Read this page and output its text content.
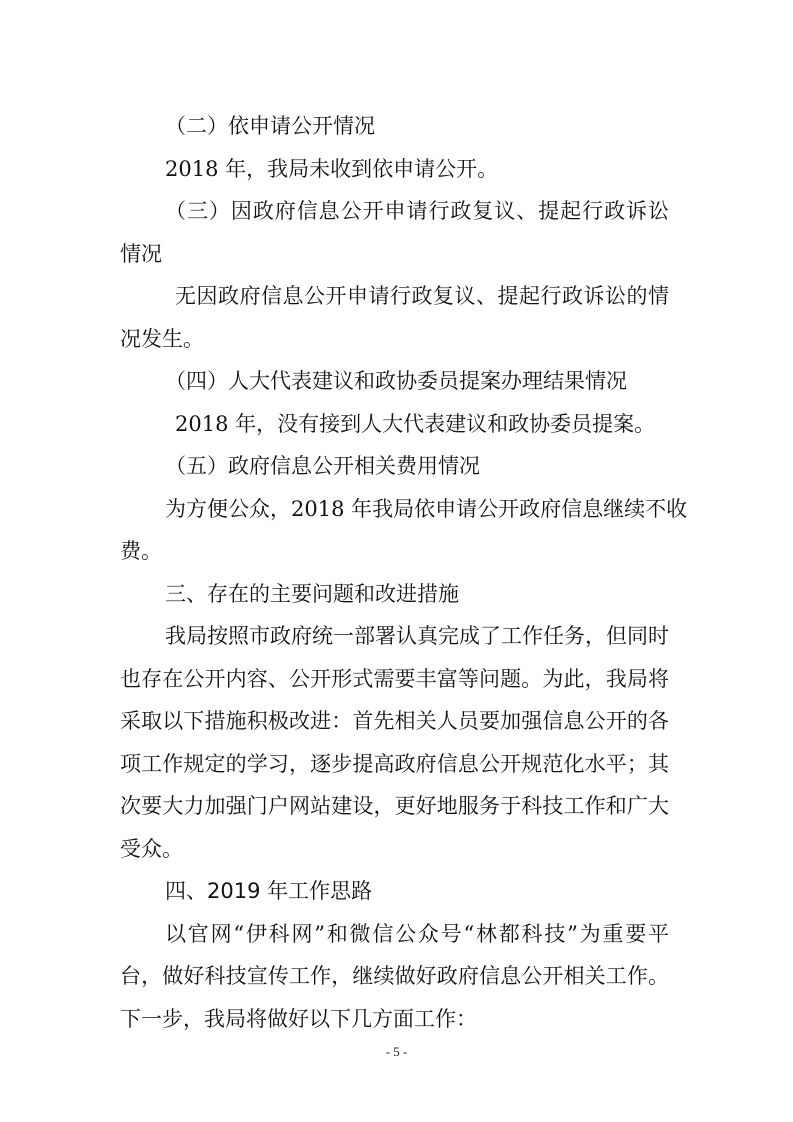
（二）依申请公开情况

2018 年，我局未收到依申请公开。

（三）因政府信息公开申请行政复议、提起行政诉讼

情况

无因政府信息公开申请行政复议、提起行政诉讼的情

况发生。

（四）人大代表建议和政协委员提案办理结果情况

2018 年，没有接到人大代表建议和政协委员提案。

（五）政府信息公开相关费用情况

为方便公众，2018 年我局依申请公开政府信息继续不收

费。

三、存在的主要问题和改进措施

我局按照市政府统一部署认真完成了工作任务，但同时

也存在公开内容、公开形式需要丰富等问题。为此，我局将

采取以下措施积极改进：首先相关人员要加强信息公开的各

项工作规定的学习，逐步提高政府信息公开规范化水平；其

次要大力加强门户网站建设，更好地服务于科技工作和广大

受众。

四、2019 年工作思路

以官网“伊科网”和微信公众号“林都科技”为重要平

台，做好科技宣传工作，继续做好政府信息公开相关工作。

下一步，我局将做好以下几方面工作：

- 5 -
